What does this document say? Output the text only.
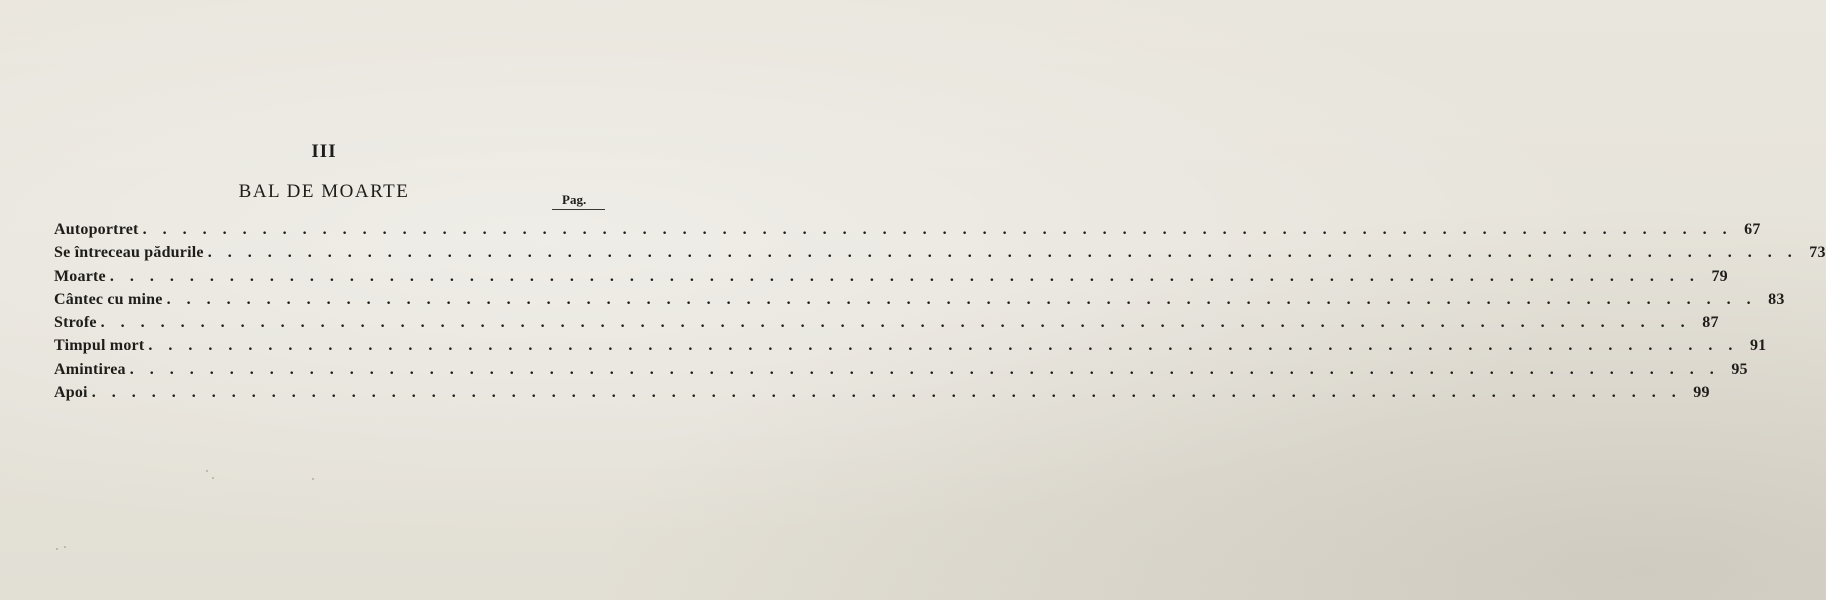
III
BAL DE MOARTE	Pag.
Autoportret . . . . . . . . . . . . . . . . . . . . . . . . . . . . . . . . . . . . . . . . . . . . . . . . . . . . . . . . . . . . . . . . . . . . . . . . . . . . . . . . 67
Se întreceau pădurile . . . . . . . . . . . . . . . . . . . . . . . . . . . . . . . . . . . . . . . . . . . . . . . . . . . . . . . . . . . . . . . . . . . . . . . . . . . . . . . . 73
Moarte . . . . . . . . . . . . . . . . . . . . . . . . . . . . . . . . . . . . . . . . . . . . . . . . . . . . . . . . . . . . . . . . . . . . . . . . . . . . . . . . 79
Cântec cu mine . . . . . . . . . . . . . . . . . . . . . . . . . . . . . . . . . . . . . . . . . . . . . . . . . . . . . . . . . . . . . . . . . . . . . . . . . . . . . . . . 83
Strofe . . . . . . . . . . . . . . . . . . . . . . . . . . . . . . . . . . . . . . . . . . . . . . . . . . . . . . . . . . . . . . . . . . . . . . . . . . . . . . . . 87
Timpul mort . . . . . . . . . . . . . . . . . . . . . . . . . . . . . . . . . . . . . . . . . . . . . . . . . . . . . . . . . . . . . . . . . . . . . . . . . . . . . . . . 91
Amintirea . . . . . . . . . . . . . . . . . . . . . . . . . . . . . . . . . . . . . . . . . . . . . . . . . . . . . . . . . . . . . . . . . . . . . . . . . . . . . . . . 95
Apoi . . . . . . . . . . . . . . . . . . . . . . . . . . . . . . . . . . . . . . . . . . . . . . . . . . . . . . . . . . . . . . . . . . . . . . . . . . . . . . . . 99
